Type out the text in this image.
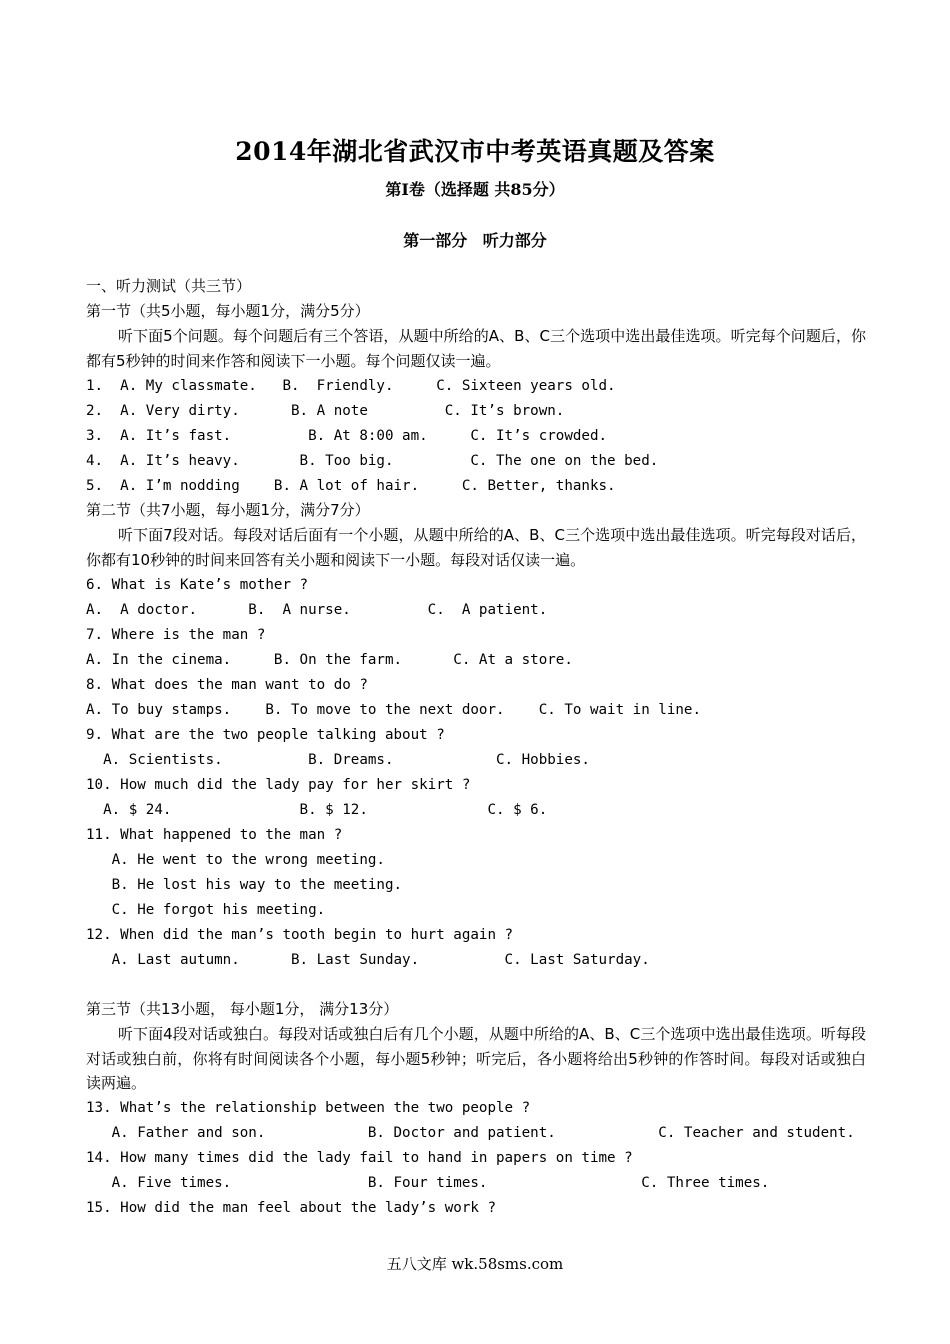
2014年湖北省武汉市中考英语真题及答案
第Ⅰ卷（选择题 共85分）
第一部分 听力部分
一、听力测试（共三节）
第一节（共5小题，每小题1分，满分5分）
听下面5个问题。每个问题后有三个答语，从题中所给的A、B、C三个选项中选出最佳选项。听完每个问题后，你都有5秒钟的时间来作答和阅读下一小题。每个问题仅读一遍。
1.  A. My classmate.   B.  Friendly.     C. Sixteen years old.
2.  A. Very dirty.      B. A note         C. It’s brown.
3.  A. It’s fast.         B. At 8:00 am.     C. It’s crowded.
4.  A. It’s heavy.       B. Too big.         C. The one on the bed.
5.  A. I’m nodding    B. A lot of hair.     C. Better, thanks.
第二节（共7小题，每小题1分，满分7分）
听下面7段对话。每段对话后面有一个小题，从题中所给的A、B、C三个选项中选出最佳选项。听完每段对话后，你都有10秒钟的时间来回答有关小题和阅读下一小题。每段对话仅读一遍。
6. What is Kate’s mother ?
A.  A doctor.      B.  A nurse.         C.  A patient.
7. Where is the man ?
A. In the cinema.     B. On the farm.      C. At a store.
8. What does the man want to do ?
A. To buy stamps.    B. To move to the next door.    C. To wait in line.
9. What are the two people talking about ?
A. Scientists.          B. Dreams.            C. Hobbies.
10. How much did the lady pay for her skirt ?
A. $ 24.               B. $ 12.              C. $ 6.
11. What happened to the man ?
A. He went to the wrong meeting.
B. He lost his way to the meeting.
C. He forgot his meeting.
12. When did the man’s tooth begin to hurt again ?
A. Last autumn.      B. Last Sunday.          C. Last Saturday.
第三节（共13小题， 每小题1分， 满分13分）
听下面4段对话或独白。每段对话或独白后有几个小题，从题中所给的A、B、C三个选项中选出最佳选项。听每段对话或独白前，你将有时间阅读各个小题，每小题5秒钟；听完后，各小题将给出5秒钟的作答时间。每段对话或独白读两遍。
13. What’s the relationship between the two people ?
A. Father and son.            B. Doctor and patient.            C. Teacher and student.
14. How many times did the lady fail to hand in papers on time ?
A. Five times.                B. Four times.                  C. Three times.
15. How did the man feel about the lady’s work ?
五八文库 wk.58sms.com
